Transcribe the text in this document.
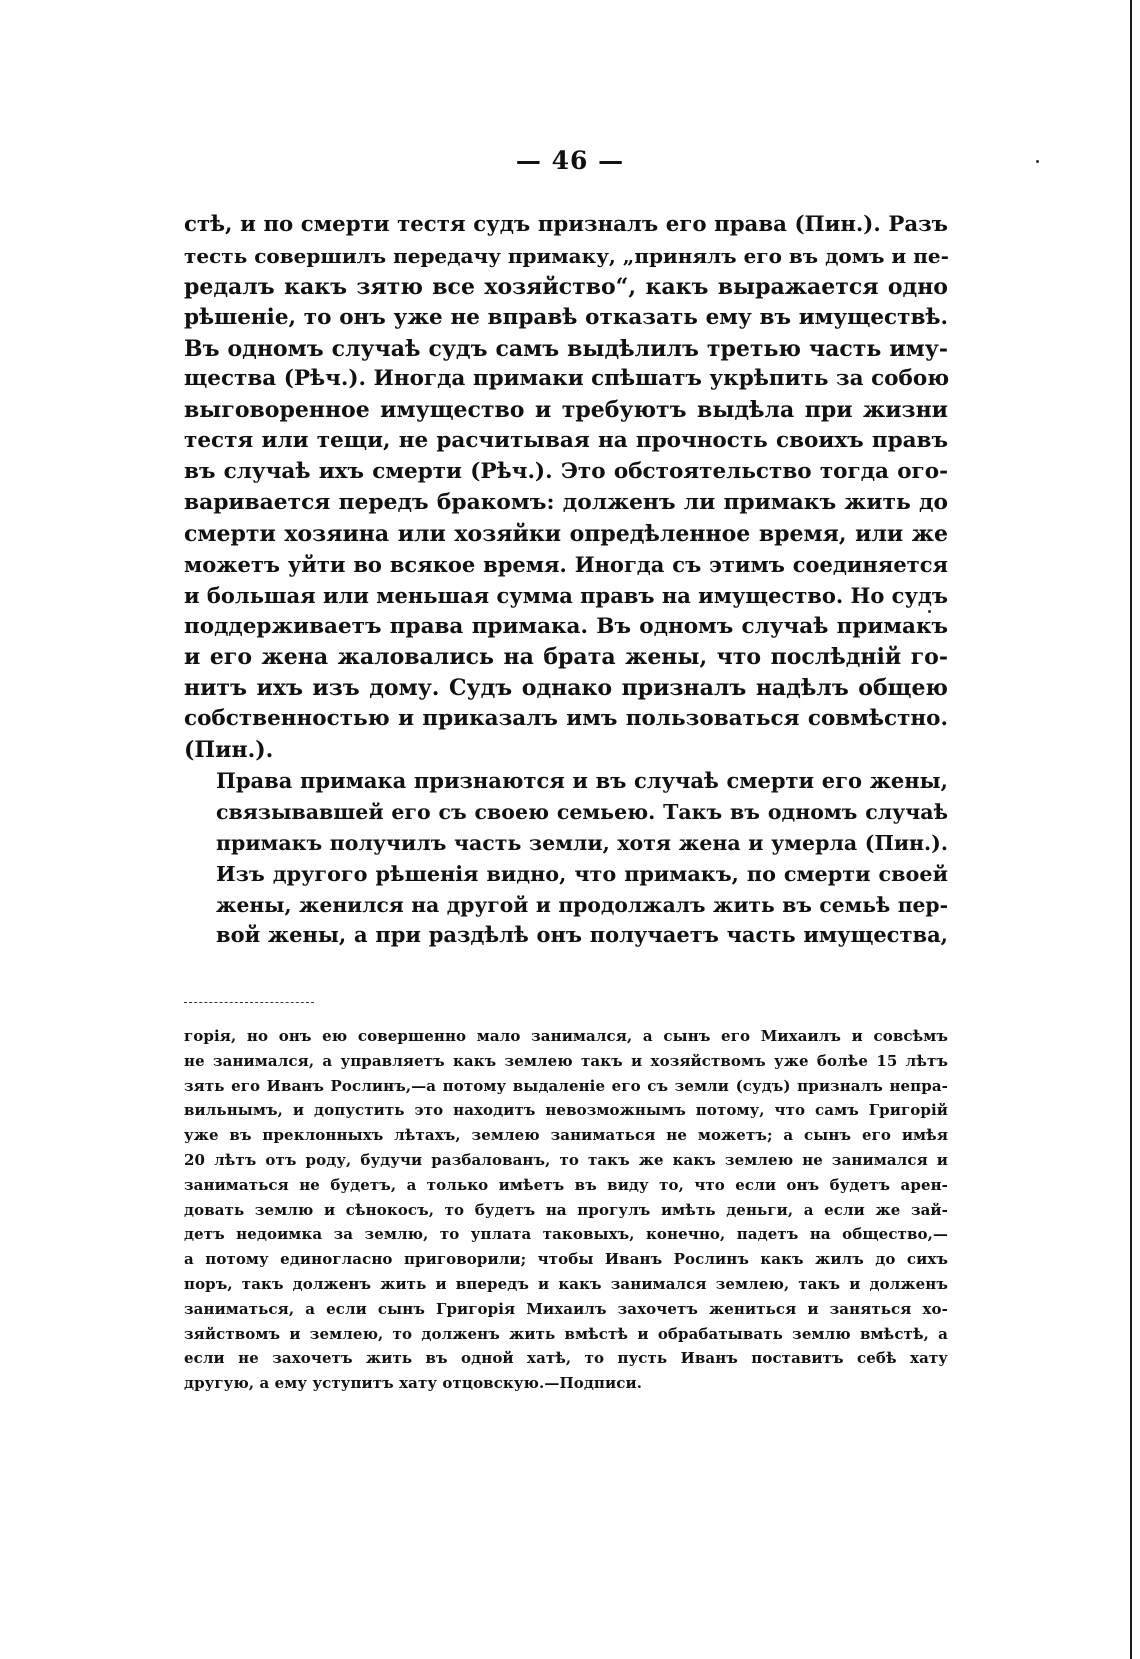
— 46 —
стѣ, и по смерти тестя судъ призналъ его права (Пин.). Разъ
тесть совершилъ передачу примаку, „принялъ его въ домъ и пе-
редалъ какъ зятю все хозяйство“, какъ выражается одно
рѣшеніе, то онъ уже не вправѣ отказать ему въ имуществѣ.
Въ одномъ случаѣ судъ самъ выдѣлилъ третью часть иму-
щества (Рѣч.). Иногда примаки спѣшатъ укрѣпить за собою
выговоренное имущество и требуютъ выдѣла при жизни
тестя или тещи, не расчитывая на прочность своихъ правъ
въ случаѣ ихъ смерти (Рѣч.). Это обстоятельство тогда ого-
варивается передъ бракомъ: долженъ ли примакъ жить до
смерти хозяина или хозяйки опредѣленное время, или же
можетъ уйти во всякое время. Иногда съ этимъ соединяется
и большая или меньшая сумма правъ на имущество. Но судъ
поддерживаетъ права примака. Въ одномъ случаѣ примакъ
и его жена жаловались на брата жены, что послѣдній го-
нитъ ихъ изъ дому. Судъ однако призналъ надѣлъ общею
собственностью и приказалъ имъ пользоваться совмѣстно.
(Пин.).
Права примака признаются и въ случаѣ смерти его жены,
связывавшей его съ своею семьею. Такъ въ одномъ случаѣ
примакъ получилъ часть земли, хотя жена и умерла (Пин.).
Изъ другого рѣшенія видно, что примакъ, по смерти своей
жены, женился на другой и продолжалъ жить въ семьѣ пер-
вой жены, а при раздѣлѣ онъ получаетъ часть имущества,
горія, но онъ ею совершенно мало занимался, а сынъ его Михаилъ и совсѣмъ
не занимался, а управляетъ какъ землею такъ и хозяйствомъ уже болѣе 15 лѣтъ
зять его Иванъ Рослинъ,—а потому выдаленіе его съ земли (судъ) призналъ непра-
вильнымъ, и допустить это находитъ невозможнымъ потому, что самъ Григорій
уже въ преклонныхъ лѣтахъ, землею заниматься не можетъ; а сынъ его имѣя
20 лѣтъ отъ роду, будучи разбалованъ, то такъ же какъ землею не занимался и
заниматься не будетъ, а только имѣетъ въ виду то, что если онъ будетъ арен-
довать землю и сѣнокосъ, то будетъ на прогулъ имѣть деньги, а если же зай-
детъ недоимка за землю, то уплата таковыхъ, конечно, падетъ на общество,—
а потому единогласно приговорили; чтобы Иванъ Рослинъ какъ жилъ до сихъ
поръ, такъ долженъ жить и впередъ и какъ занимался землею, такъ и долженъ
заниматься, а если сынъ Григорія Михаилъ захочетъ жениться и заняться хо-
зяйствомъ и землею, то долженъ жить вмѣстѣ и обрабатывать землю вмѣстѣ, а
если не захочетъ жить въ одной хатѣ, то пусть Иванъ поставитъ себѣ хату
другую, а ему уступитъ хату отцовскую.—Подписи.
